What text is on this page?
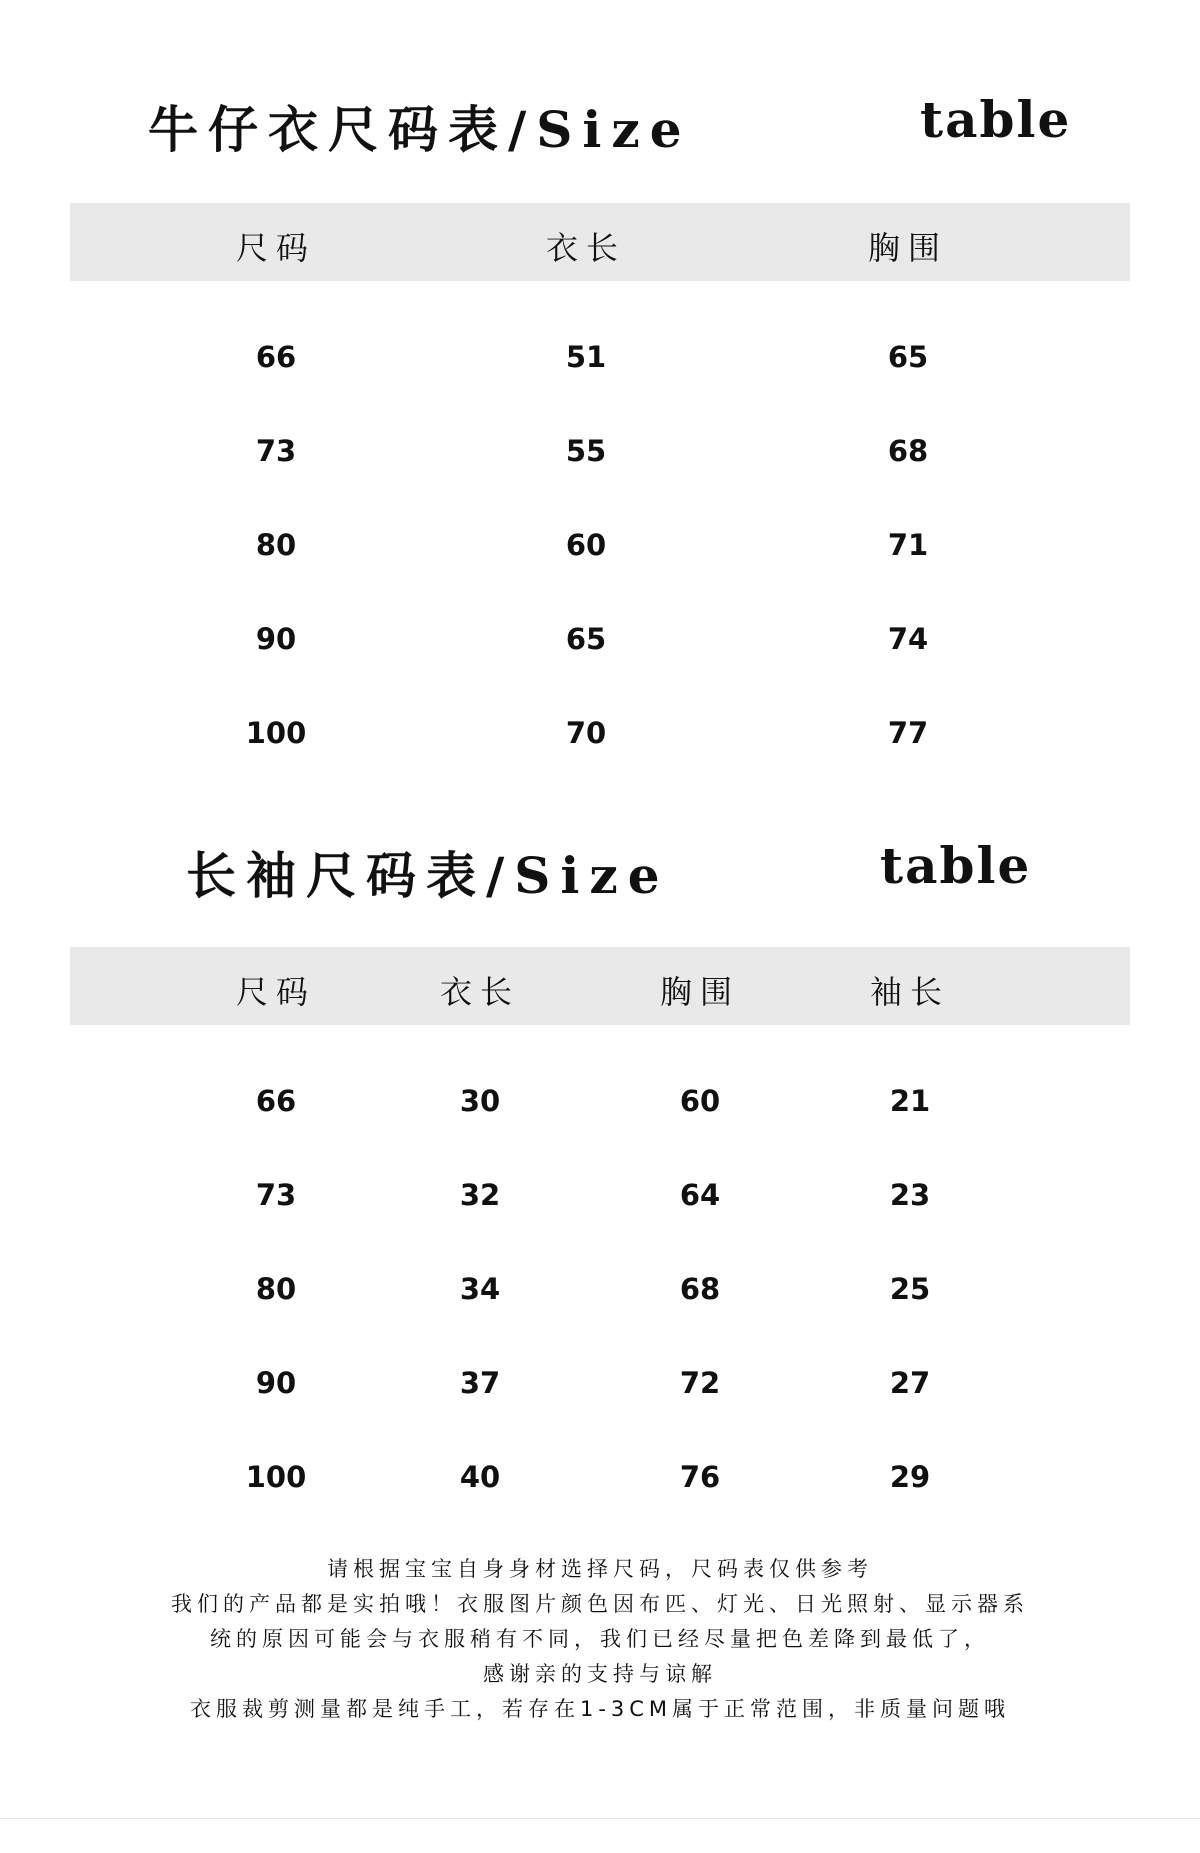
牛仔衣尺码表/Size	table
尺码	衣长	胸围
66	51	65
73	55	68
80	60	71
90	65	74
100	70	77
长袖尺码表/Size	table
尺码	衣长	胸围	袖长
66	30	60	21
73	32	64	23
80	34	68	25
90	37	72	27
100	40	76	29
请根据宝宝自身身材选择尺码，尺码表仅供参考
我们的产品都是实拍哦！衣服图片颜色因布匹、灯光、日光照射、显示器系
统的原因可能会与衣服稍有不同，我们已经尽量把色差降到最低了，
感谢亲的支持与谅解
衣服裁剪测量都是纯手工，若存在1-3CM属于正常范围，非质量问题哦
